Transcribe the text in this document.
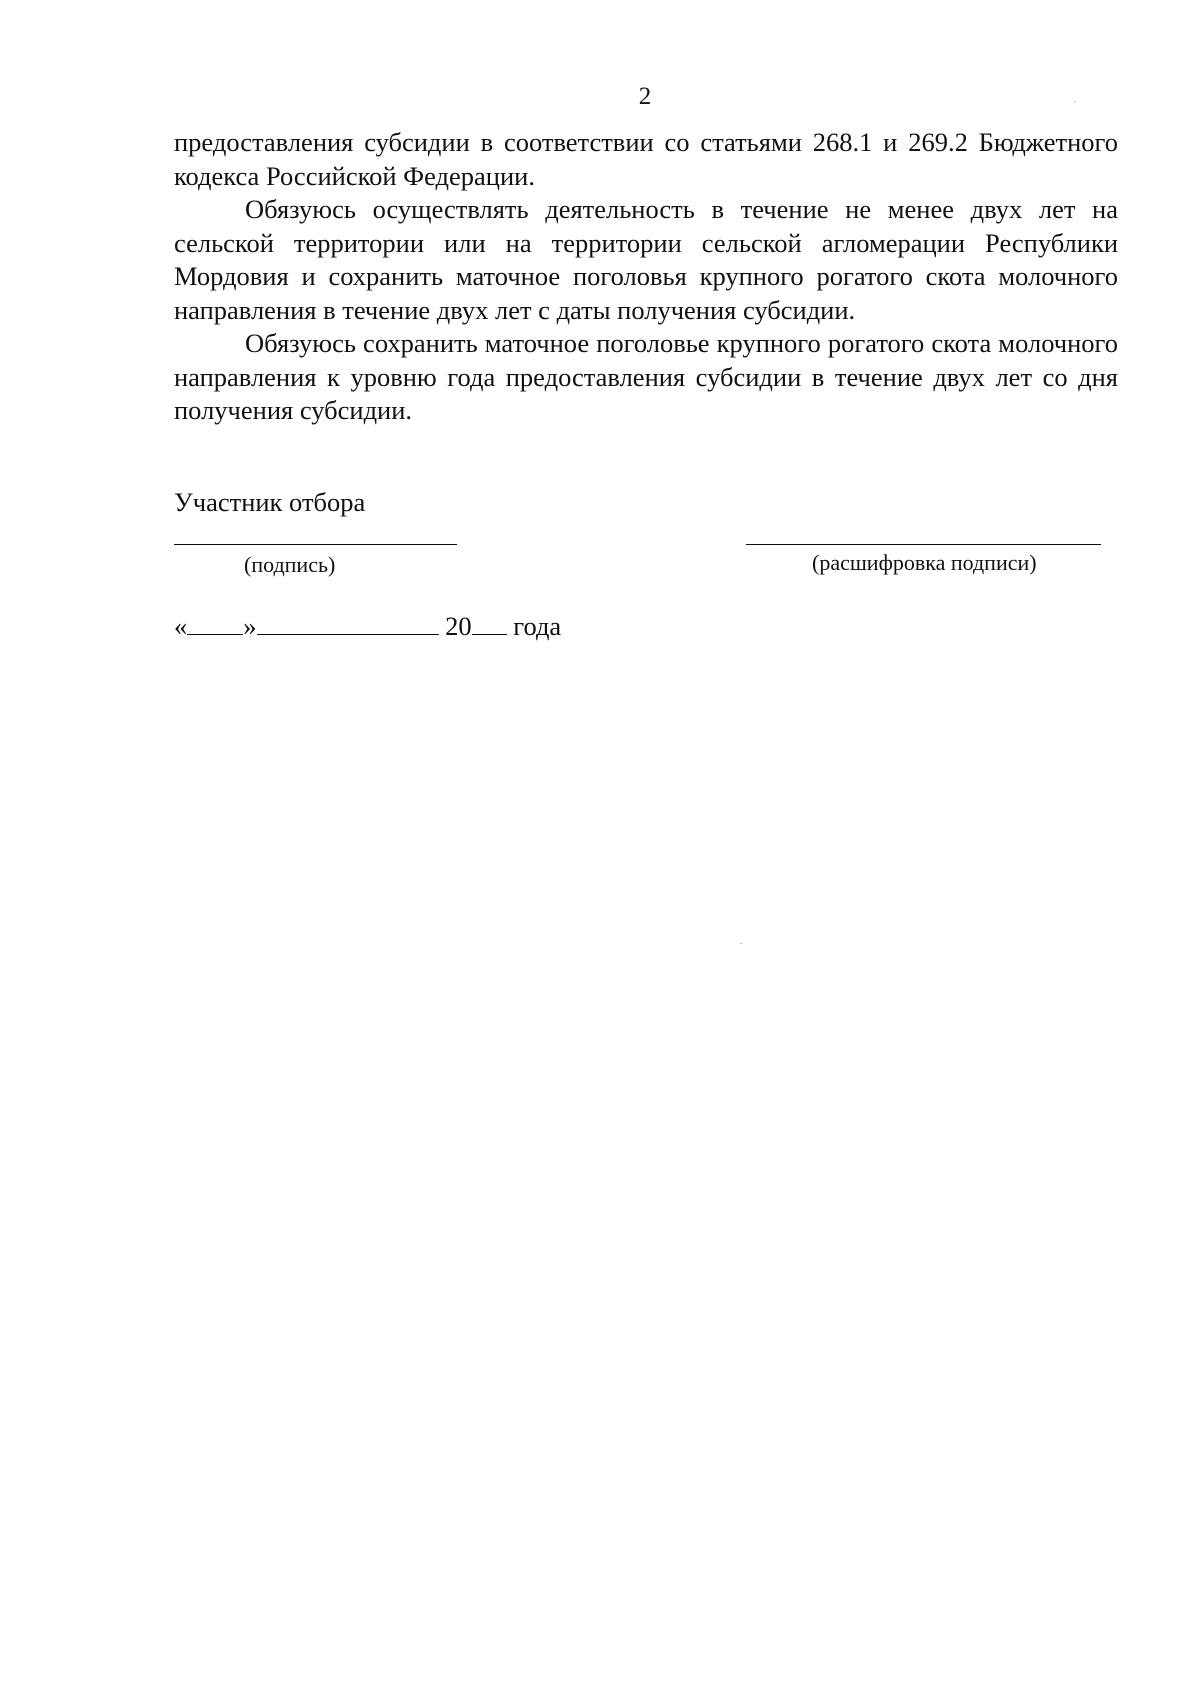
2

предоставления субсидии в соответствии со статьями 268.1 и 269.2 Бюджетного кодекса Российской Федерации.

Обязуюсь осуществлять деятельность в течение не менее двух лет на сельской территории или на территории сельской агломерации Республики Мордовия и сохранить маточное поголовья крупного рогатого скота молочного направления в течение двух лет с даты получения субсидии.

Обязуюсь сохранить маточное поголовье крупного рогатого скота молочного направления к уровню года предоставления субсидии в течение двух лет со дня получения субсидии.

Участник отбора
(подпись)	(расшифровка подписи)
« »	20 года
